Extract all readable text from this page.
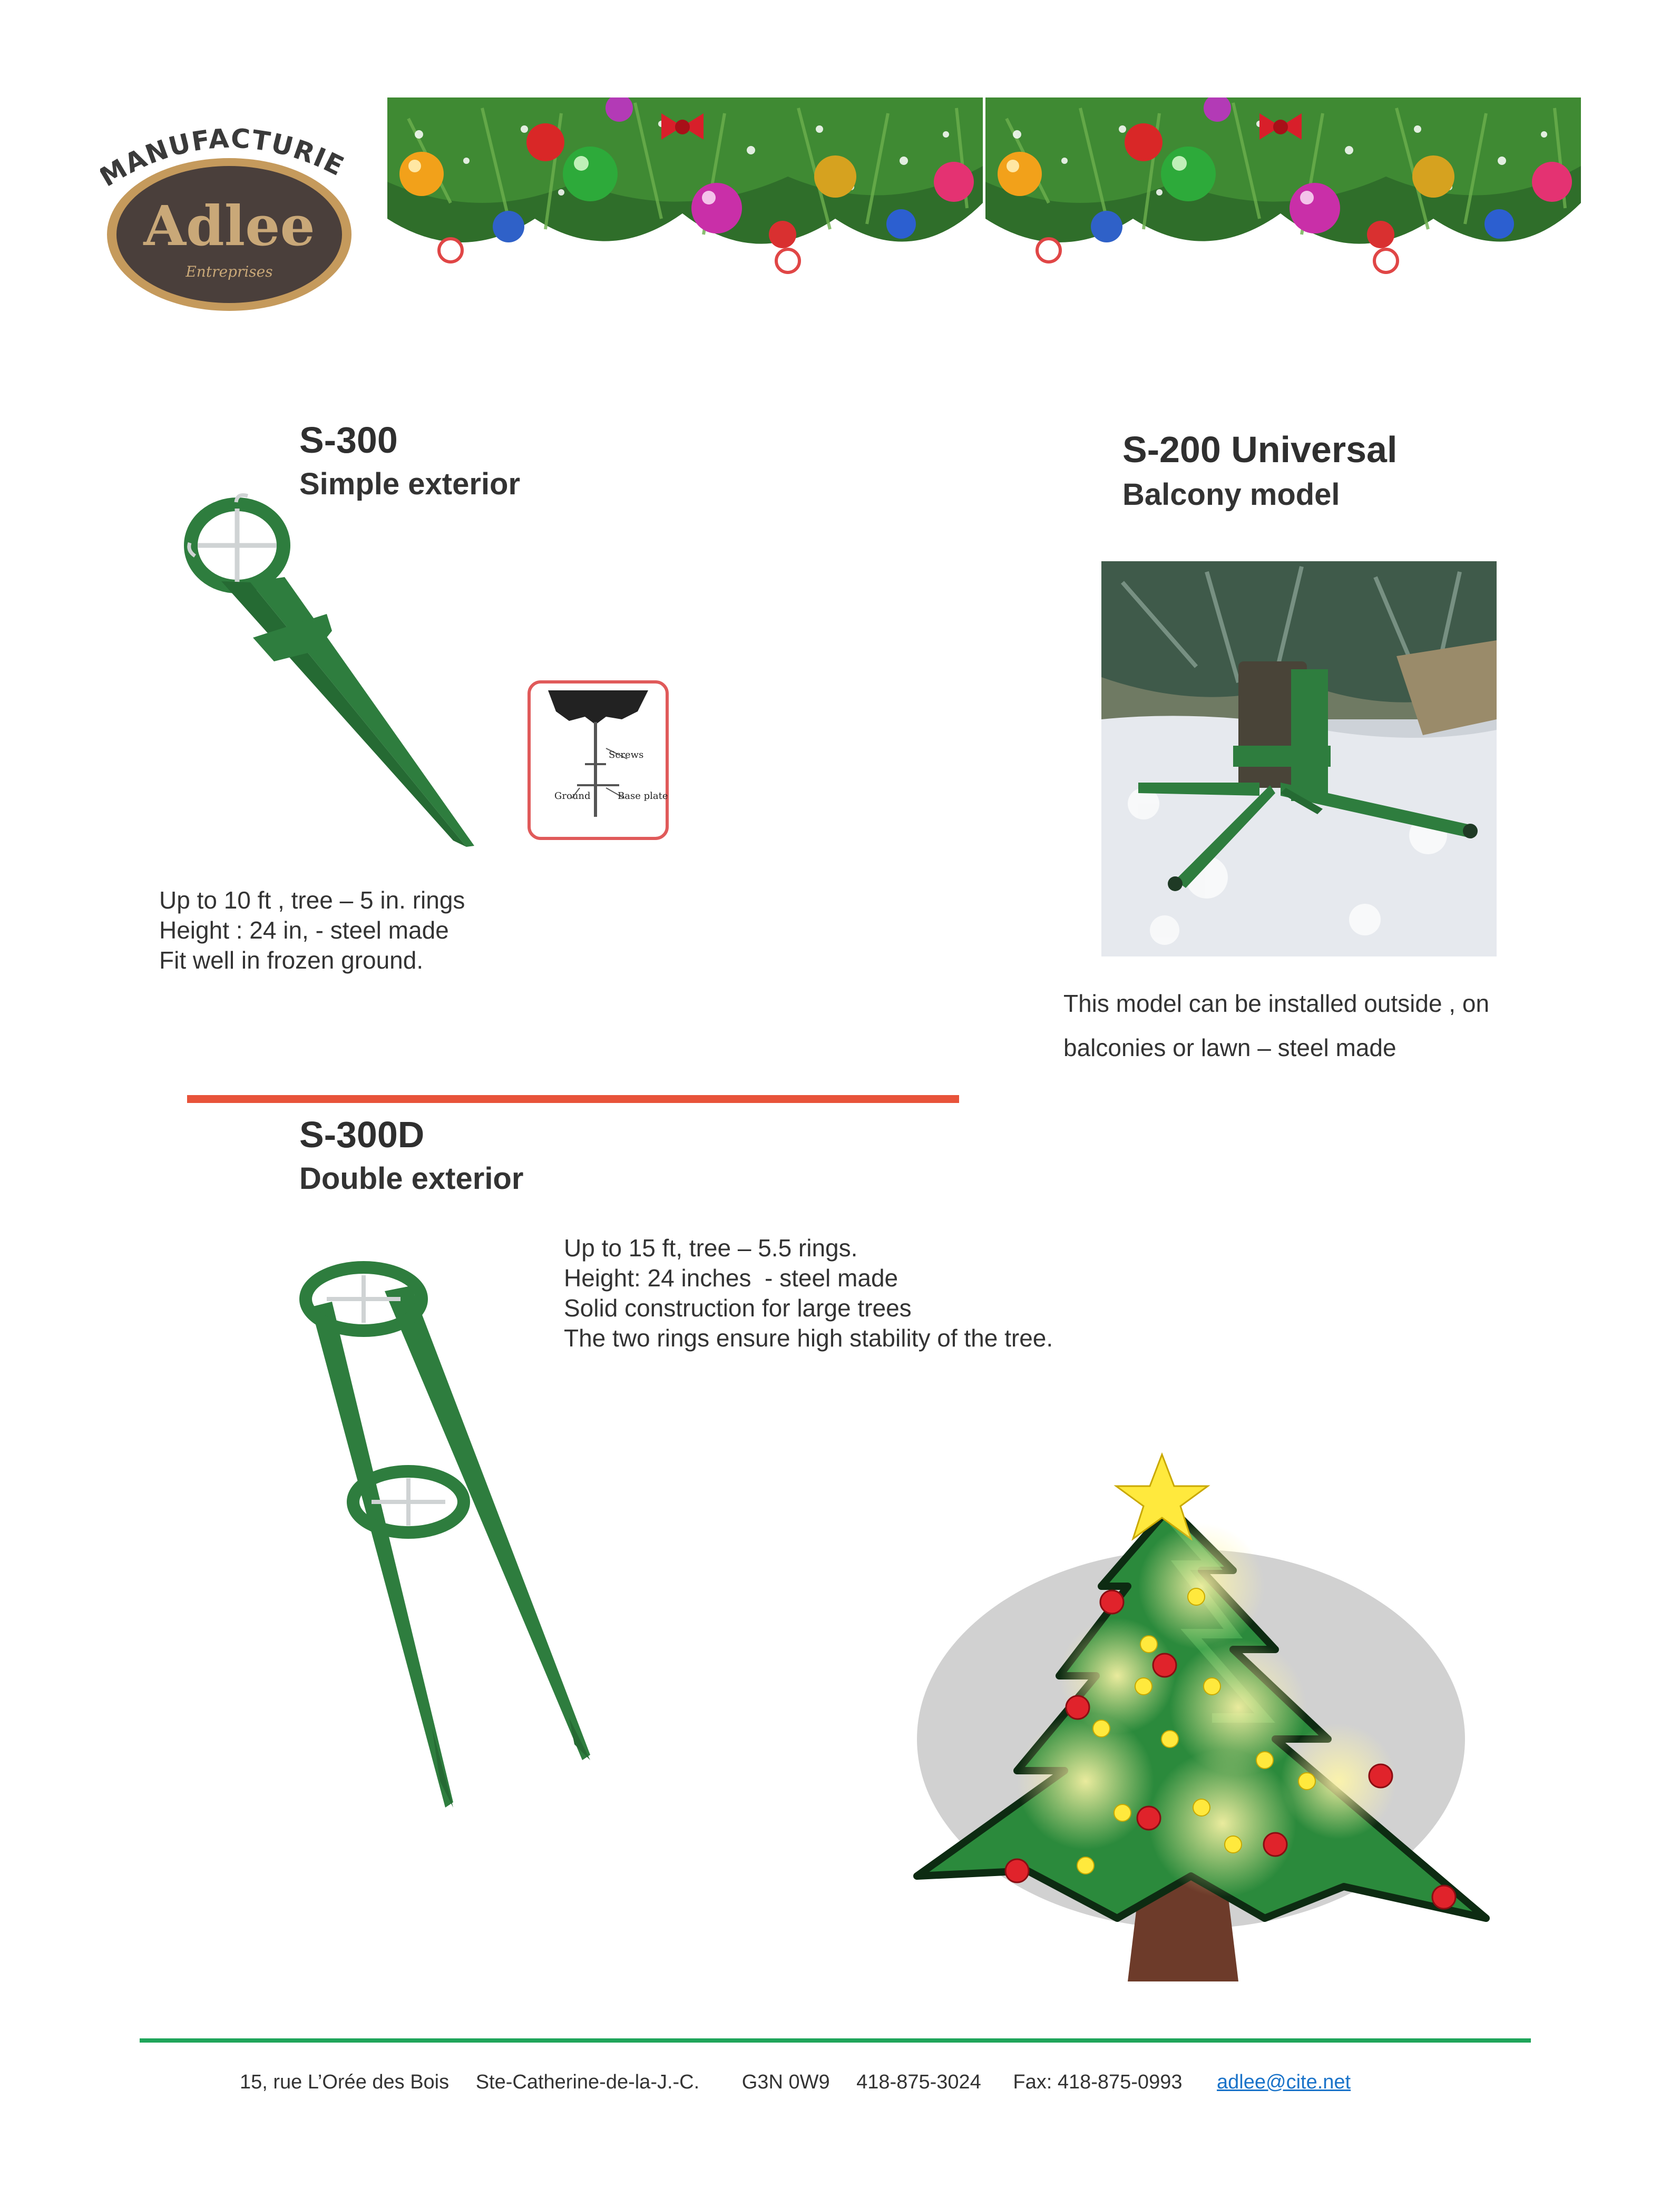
ANUFACTURIE
Adlee
Entreprises

S-300

Simple exterior

Screws
Ground	Base plate
Up to 10 ft , tree – 5 in. rings
Height : 24 in, - steel made
Fit well in frozen ground.

S-200 Universal

Balcony model

This model can be installed outside , on
balconies or lawn – steel made

S-300D

Double exterior

Up to 15 ft, tree – 5.5 rings.
Height: 24 inches  - steel made
Solid construction for large trees
The two rings ensure high stability of the tree.
15, rue L’Orée des Bois Ste-Catherine-de-la-J.-C. G3N 0W9 418-875-3024 Fax: 418-875-0993 adlee@cite.net
